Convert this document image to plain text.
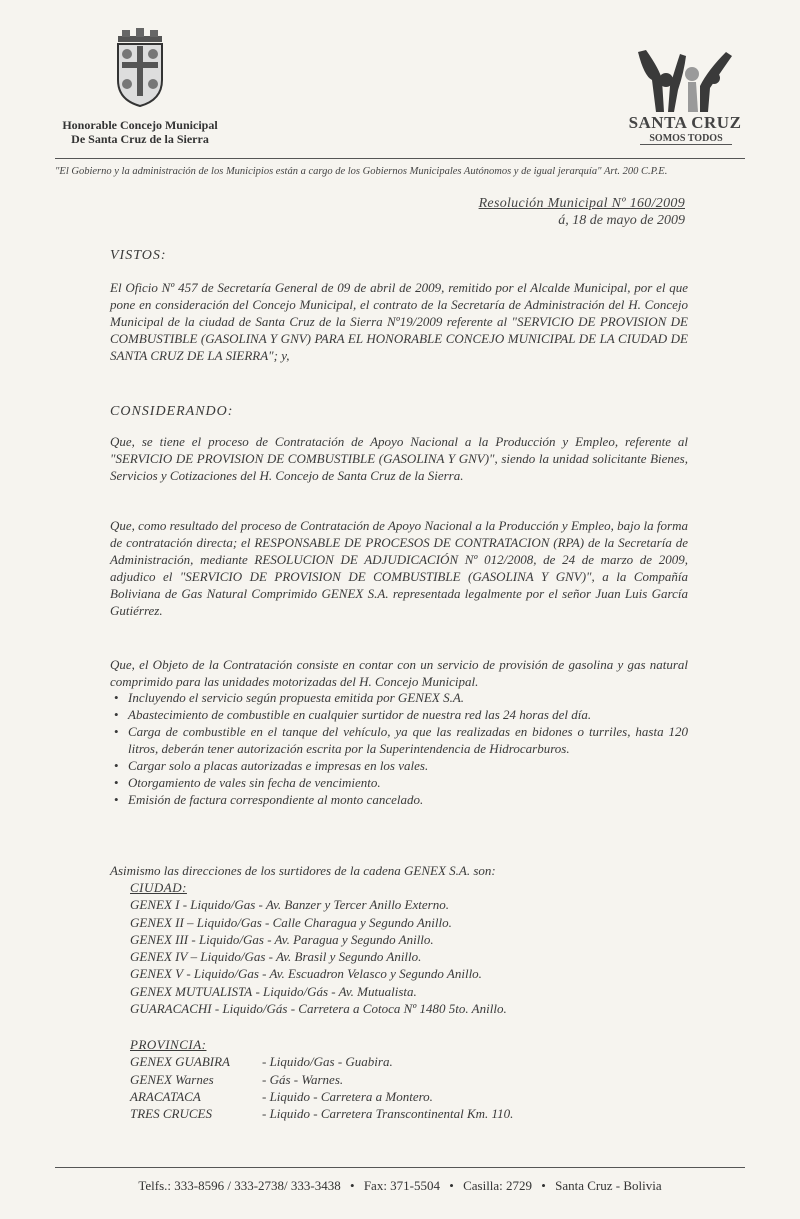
Honorable Concejo Municipal
De Santa Cruz de la Sierra
SANTA CRUZ
SOMOS TODOS
"El Gobierno y la administración de los Municipios están a cargo de los Gobiernos Municipales Autónomos y de igual jerarquía" Art. 200 C.P.E.
Resolución Municipal Nº 160/2009
á, 18 de mayo de 2009
VISTOS:

El Oficio Nº 457 de Secretaría General de 09 de abril de 2009, remitido por el Alcalde Municipal, por el que pone en consideración del Concejo Municipal, el contrato de la Secretaría de Administración del H. Concejo Municipal de la ciudad de Santa Cruz de la Sierra Nº19/2009 referente al "SERVICIO DE PROVISION DE COMBUSTIBLE (GASOLINA Y GNV) PARA EL HONORABLE CONCEJO MUNICIPAL DE LA CIUDAD DE SANTA CRUZ DE LA SIERRA"; y,

CONSIDERANDO:

Que, se tiene el proceso de Contratación de Apoyo Nacional a la Producción y Empleo, referente al "SERVICIO DE PROVISION DE COMBUSTIBLE (GASOLINA Y GNV)", siendo la unidad solicitante Bienes, Servicios y Cotizaciones del H. Concejo de Santa Cruz de la Sierra.

Que, como resultado del proceso de Contratación de Apoyo Nacional a la Producción y Empleo, bajo la forma de contratación directa; el RESPONSABLE DE PROCESOS DE CONTRATACION (RPA) de la Secretaría de Administración, mediante RESOLUCION DE ADJUDICACIÓN Nº 012/2008, de 24 de marzo de 2009, adjudico el "SERVICIO DE PROVISION DE COMBUSTIBLE (GASOLINA Y GNV)", a la Compañía Boliviana de Gas Natural Comprimido GENEX S.A. representada legalmente por el señor Juan Luis García Gutiérrez.

Que, el Objeto de la Contratación consiste en contar con un servicio de provisión de gasolina y gas natural comprimido para las unidades motorizadas del H. Concejo Municipal.

• Incluyendo el servicio según propuesta emitida por GENEX S.A.
• Abastecimiento de combustible en cualquier surtidor de nuestra red las 24 horas del día.
• Carga de combustible en el tanque del vehículo, ya que las realizadas en bidones o turriles, hasta 120 litros, deberán tener autorización escrita por la Superintendencia de Hidrocarburos.
• Cargar solo a placas autorizadas e impresas en los vales.
• Otorgamiento de vales sin fecha de vencimiento.
• Emisión de factura correspondiente al monto cancelado.

Asimismo las direcciones de los surtidores de la cadena GENEX S.A. son:

CIUDAD:
GENEX I - Liquido/Gas - Av. Banzer y Tercer Anillo Externo.
GENEX II – Liquido/Gas - Calle Charagua y Segundo Anillo.
GENEX III - Liquido/Gas - Av. Paragua y Segundo Anillo.
GENEX IV – Liquido/Gas - Av. Brasil y Segundo Anillo.
GENEX V - Liquido/Gas - Av. Escuadron Velasco y Segundo Anillo.
GENEX MUTUALISTA - Liquido/Gás - Av. Mutualista.
GUARACACHI - Liquido/Gás - Carretera a Cotoca Nº 1480 5to. Anillo.
PROVINCIA:
GENEX GUABIRA - Liquido/Gas - Guabira.
GENEX Warnes	- Gás - Warnes.
ARACATACA	- Liquido - Carretera a Montero.
TRES CRUCES	- Liquido - Carretera Transcontinental Km. 110.
Telfs.: 333-8596 / 333-2738/ 333-3438 • Fax: 371-5504 • Casilla: 2729 • Santa Cruz - Bolivia
